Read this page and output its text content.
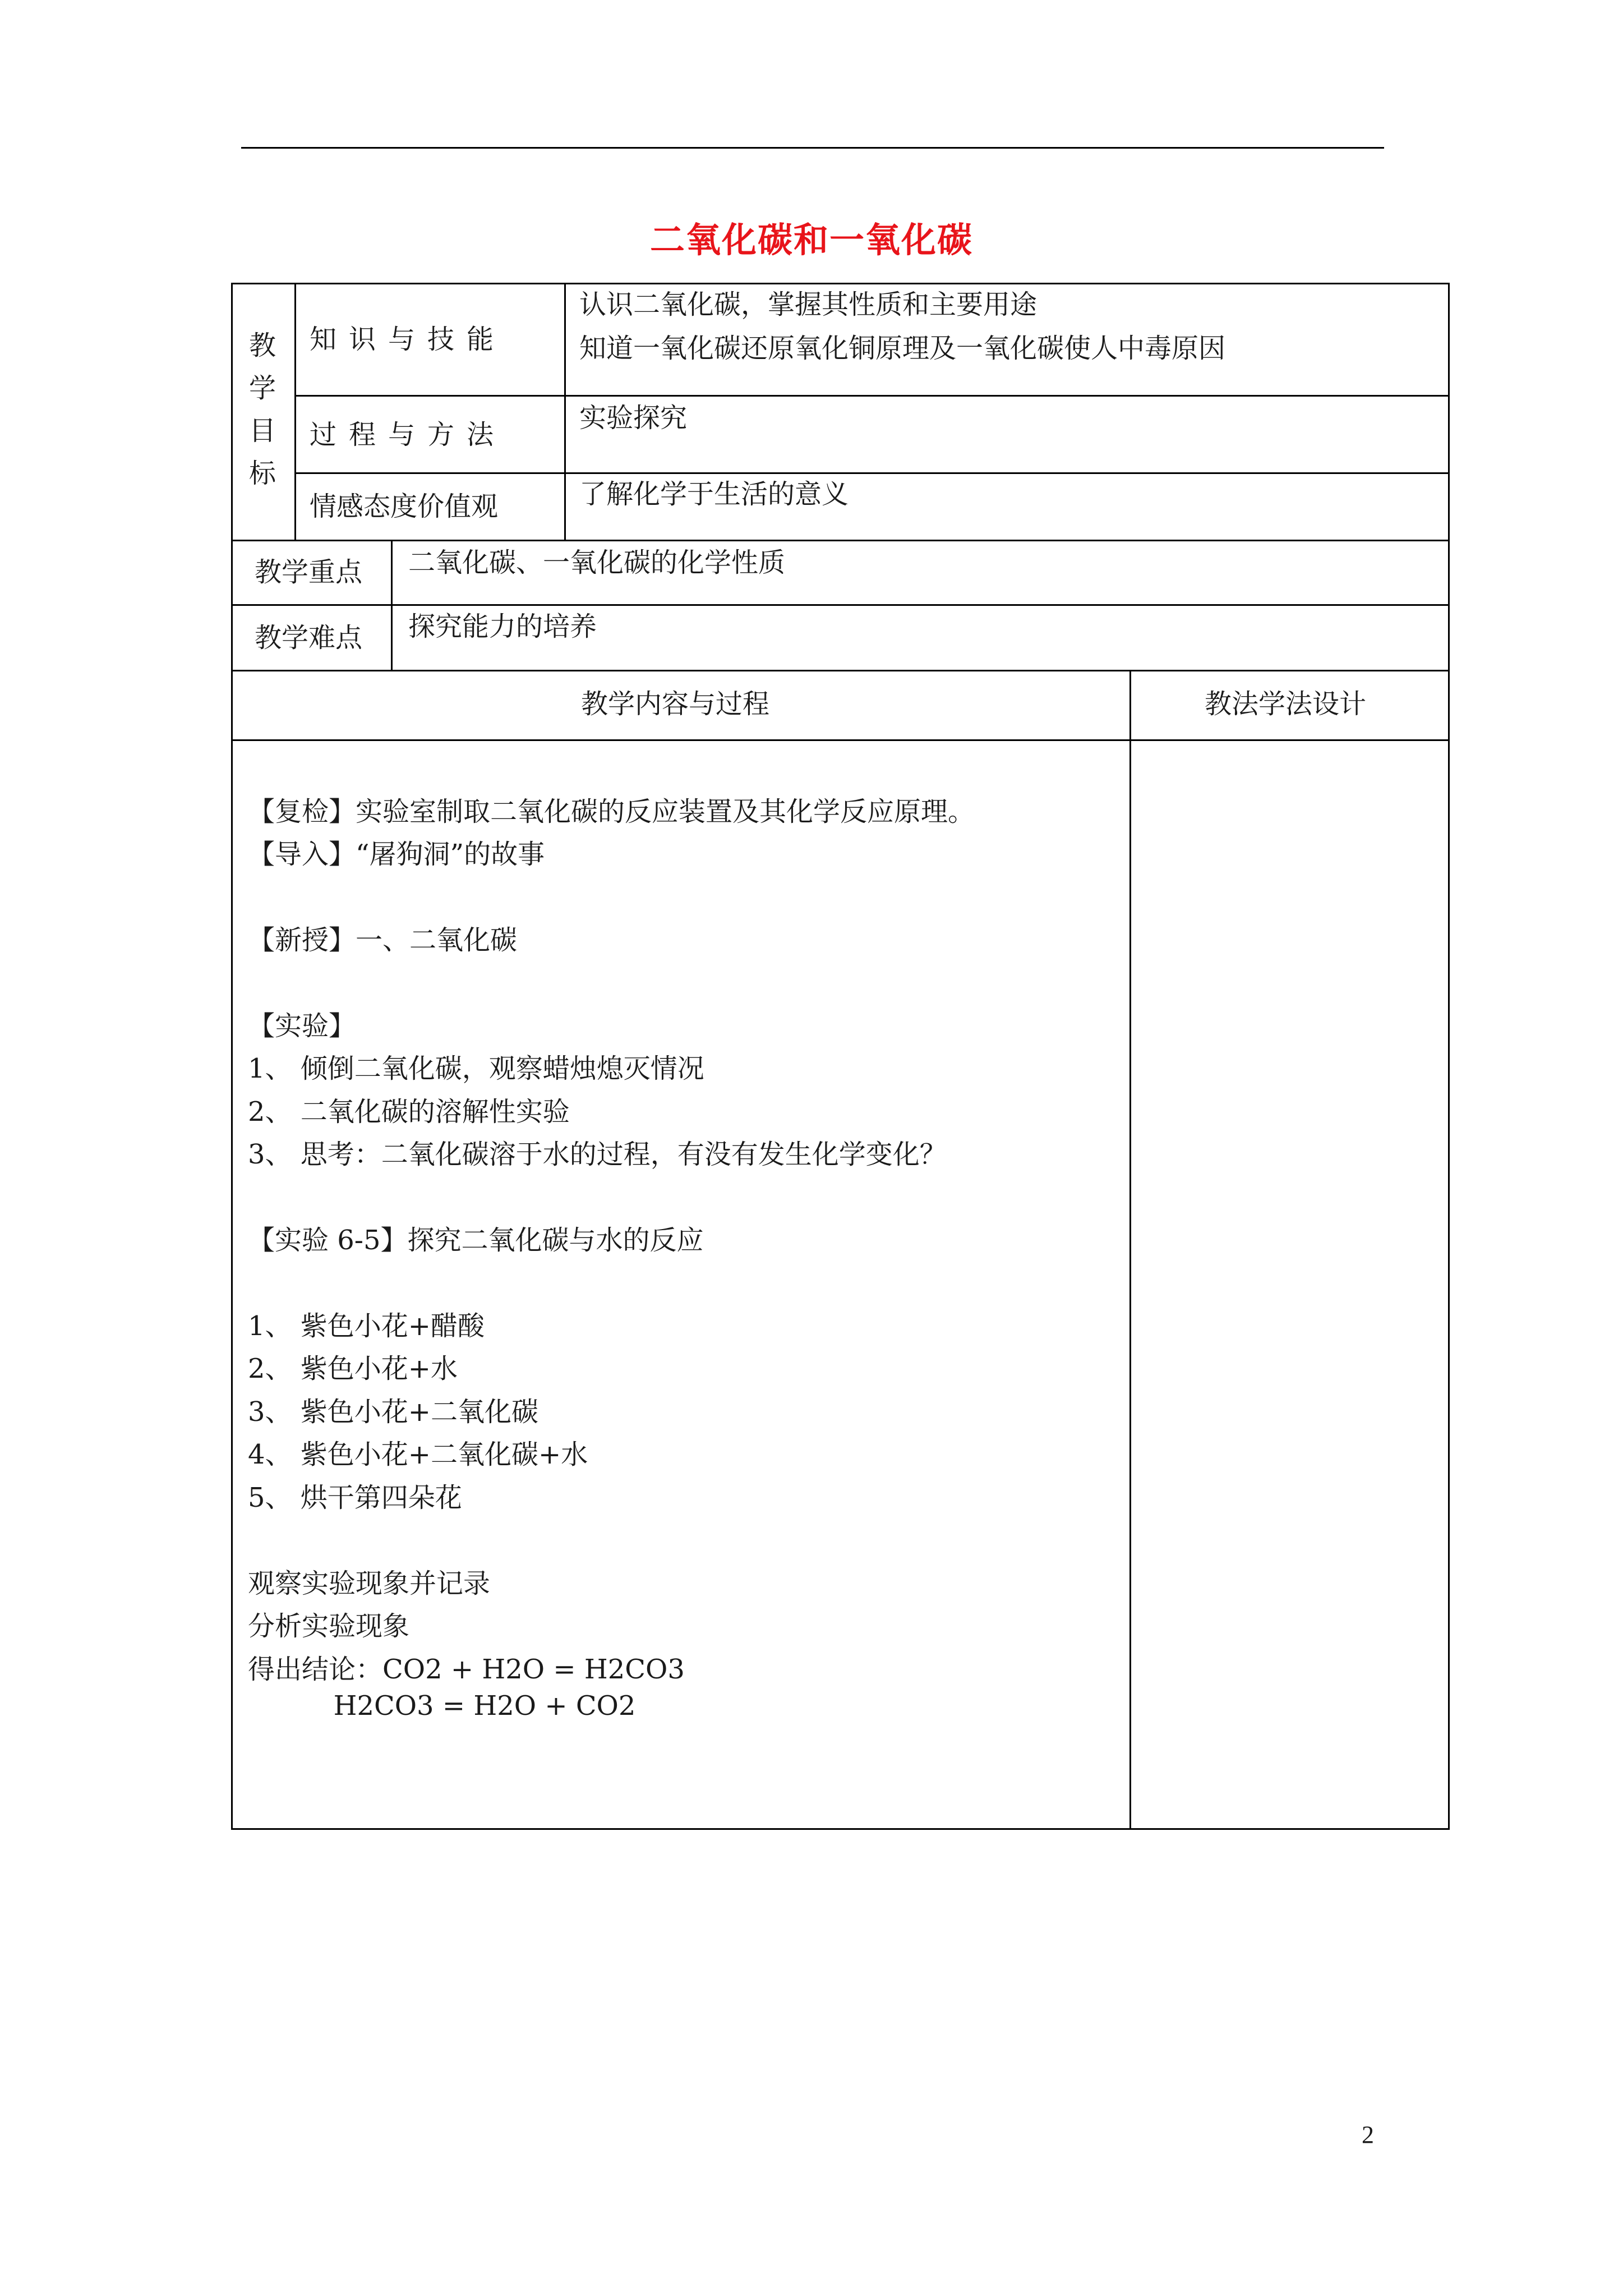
二氧化碳和一氧化碳
教
学
目
标
知识与技能
认识二氧化碳，掌握其性质和主要用途
知道一氧化碳还原氧化铜原理及一氧化碳使人中毒原因
过程与方法
实验探究
情感态度价值观	了解化学于生活的意义
教学重点 二氧化碳、一氧化碳的化学性质
教学难点 探究能力的培养
教学内容与过程	教法学法设计
【复检】实验室制取二氧化碳的反应装置及其化学反应原理。
【导入】“屠狗洞”的故事
【新授】一、二氧化碳
【实验】
1、 倾倒二氧化碳，观察蜡烛熄灭情况
2、 二氧化碳的溶解性实验
3、 思考：二氧化碳溶于水的过程，有没有发生化学变化？
【实验 6-5】探究二氧化碳与水的反应
1、 紫色小花+醋酸
2、 紫色小花+水
3、 紫色小花+二氧化碳
4、 紫色小花+二氧化碳+水
5、 烘干第四朵花
观察实验现象并记录
分析实验现象
得出结论：CO2 + H2O = H2CO3
H2CO3 = H2O + CO2
2
